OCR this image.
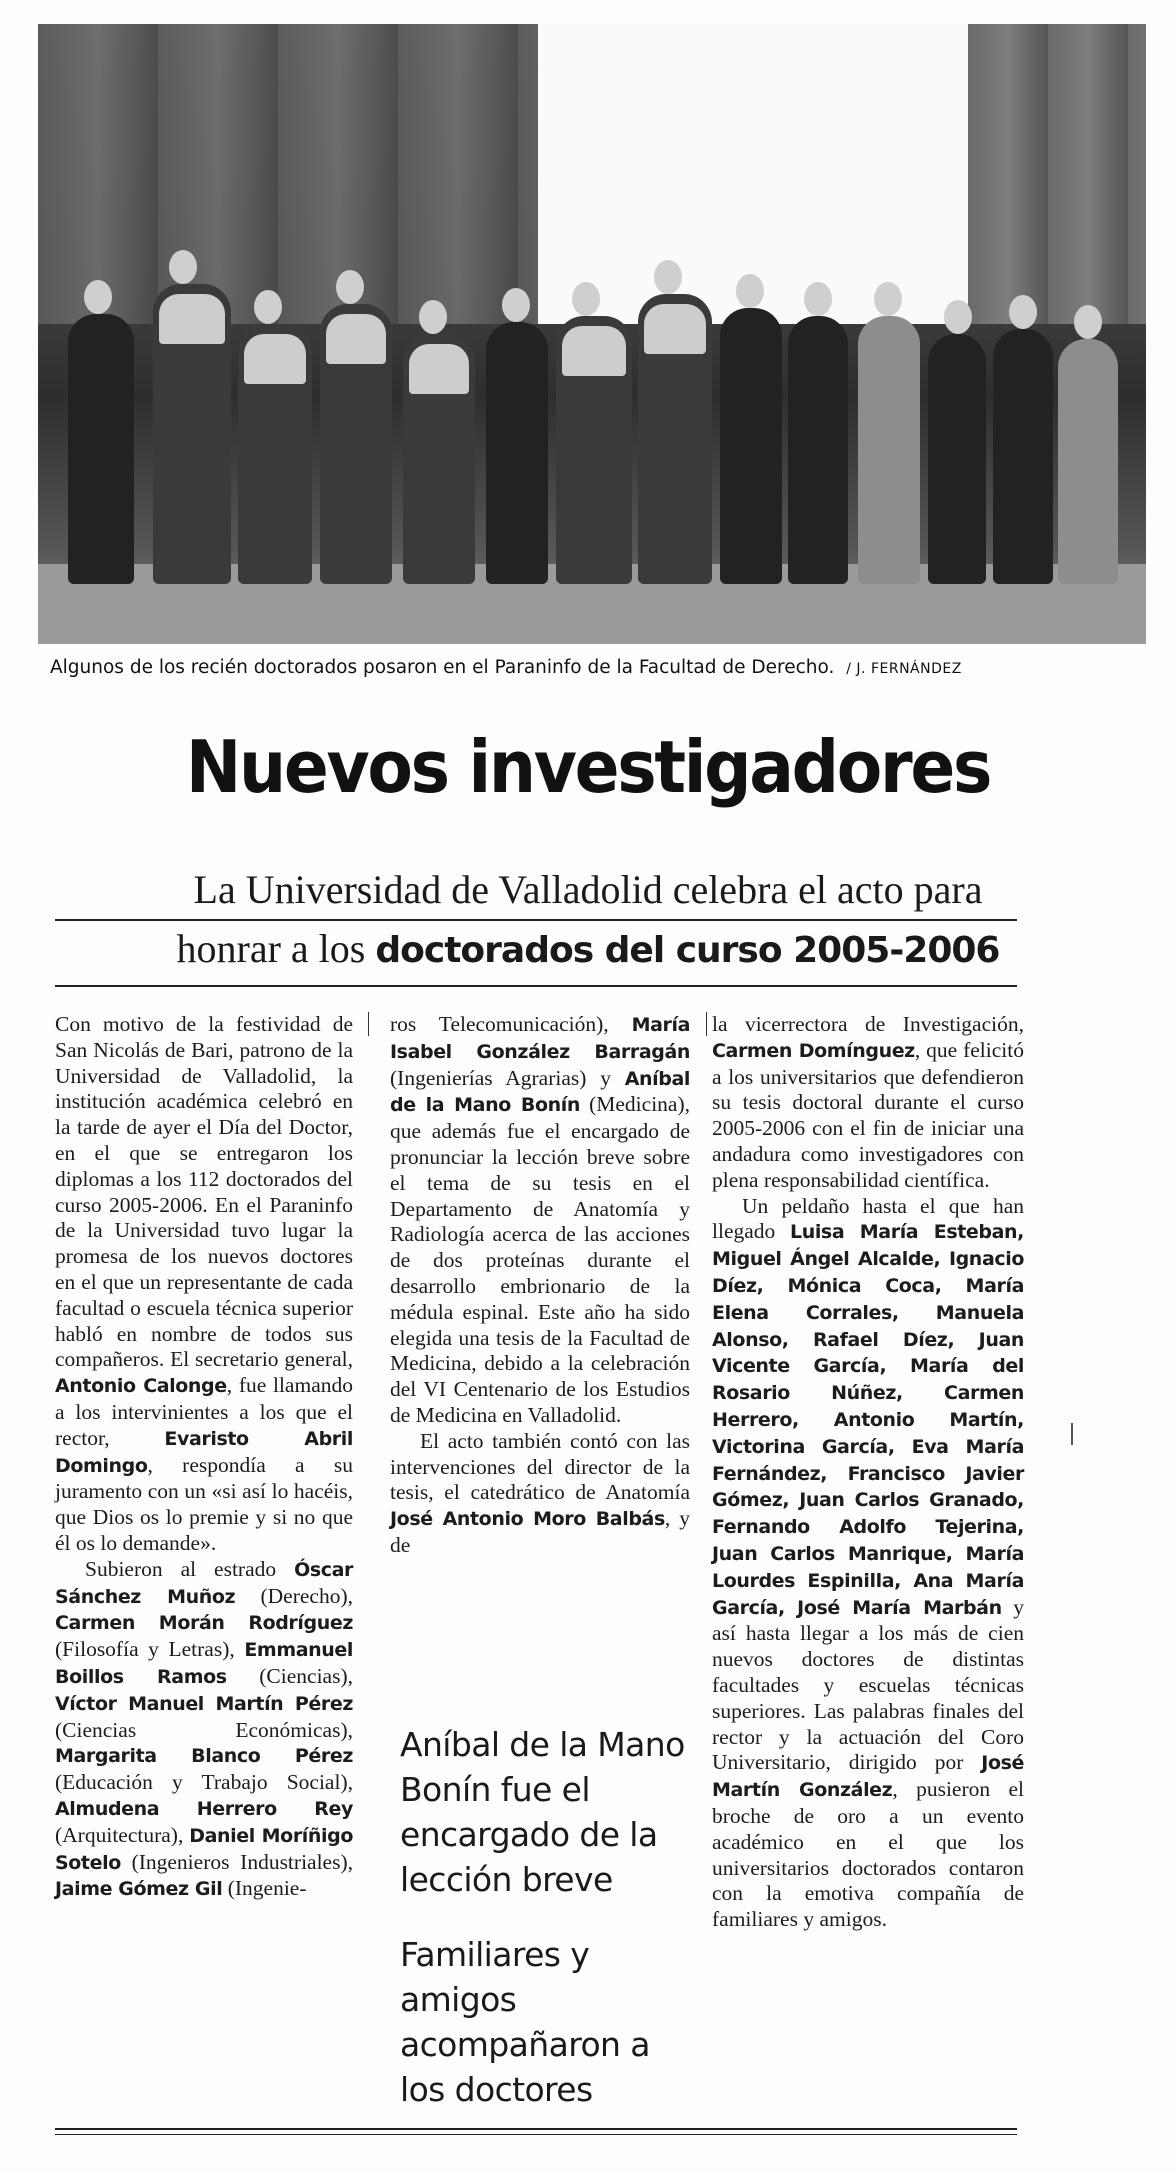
Algunos de los recién doctorados posaron en el Paraninfo de la Facultad de Derecho. / J. FERNÁNDEZ
Nuevos investigadores
La Universidad de Valladolid celebra el acto para
honrar a los doctorados del curso 2005-2006

Con motivo de la festividad de San Nicolás de Bari, patrono de la Universidad de Valladolid, la institución académica celebró en la tarde de ayer el Día del Doctor, en el que se entregaron los diplomas a los 112 doctorados del curso 2005-2006. En el Paraninfo de la Universidad tuvo lugar la promesa de los nuevos doctores en el que un representante de cada facultad o escuela técnica superior habló en nombre de todos sus compañeros. El secretario general, Antonio Calonge, fue llamando a los intervinientes a los que el rector, Evaristo Abril Domingo, respondía a su juramento con un «si así lo hacéis, que Dios os lo premie y si no que él os lo demande».

Subieron al estrado Óscar Sánchez Muñoz (Derecho), Carmen Morán Rodríguez (Filosofía y Letras), Emmanuel Boillos Ramos (Ciencias), Víctor Manuel Martín Pérez (Ciencias Económicas), Margarita Blanco Pérez (Educación y Trabajo Social), Almudena Herrero Rey (Arquitectura), Daniel Moríñigo Sotelo (Ingenieros Industriales), Jaime Gómez Gil (Ingenie-

ros Telecomunicación), María Isabel González Barragán (Ingenierías Agrarias) y Aníbal de la Mano Bonín (Medicina), que además fue el encargado de pronunciar la lección breve sobre el tema de su tesis en el Departamento de Anatomía y Radiología acerca de las acciones de dos proteínas durante el desarrollo embrionario de la médula espinal. Este año ha sido elegida una tesis de la Facultad de Medicina, debido a la celebración del VI Centenario de los Estudios de Medicina en Valladolid.

El acto también contó con las intervenciones del director de la tesis, el catedrático de Anatomía José Antonio Moro Balbás, y de

Aníbal de la Mano Bonín fue el encargado de la lección breve
Familiares y amigos acompañaron a los doctores

la vicerrectora de Investigación, Carmen Domínguez, que felicitó a los universitarios que defendieron su tesis doctoral durante el curso 2005-2006 con el fin de iniciar una andadura como investigadores con plena responsabilidad científica.

Un peldaño hasta el que han llegado Luisa María Esteban, Miguel Ángel Alcalde, Ignacio Díez, Mónica Coca, María Elena Corrales, Manuela Alonso, Rafael Díez, Juan Vicente García, María del Rosario Núñez, Carmen Herrero, Antonio Martín, Victorina García, Eva María Fernández, Francisco Javier Gómez, Juan Carlos Granado, Fernando Adolfo Tejerina, Juan Carlos Manrique, María Lourdes Espinilla, Ana María García, José María Marbán y así hasta llegar a los más de cien nuevos doctores de distintas facultades y escuelas técnicas superiores. Las palabras finales del rector y la actuación del Coro Universitario, dirigido por José Martín González, pusieron el broche de oro a un evento académico en el que los universitarios doctorados contaron con la emotiva compañía de familiares y amigos.
